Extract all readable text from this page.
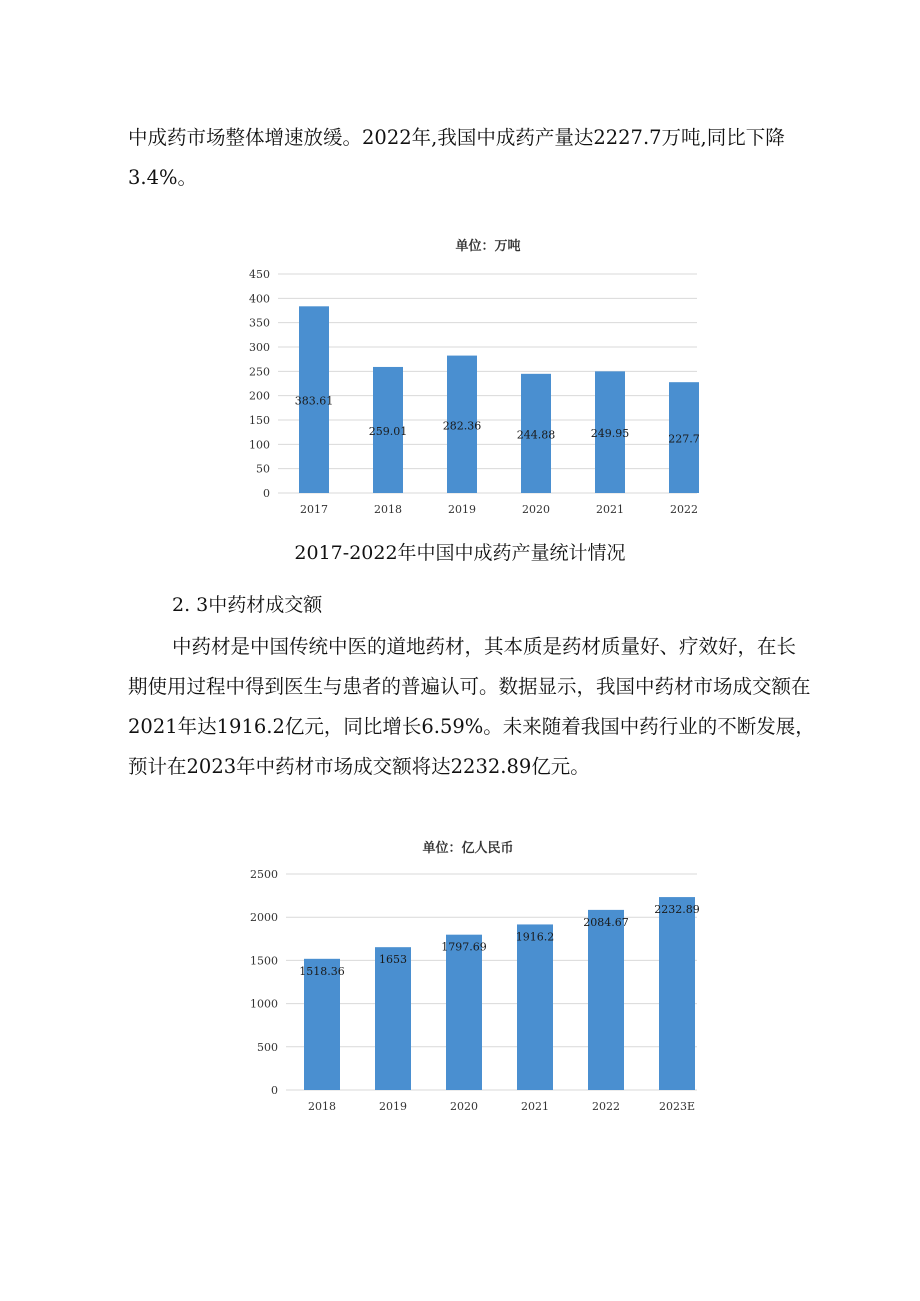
中成药市场整体增速放缓。2022年,我国中成药产量达2227.7万吨,同比下降
3.4%。

单位：万吨
0
50
100
150
200
250
300
350
400
450
383.61
2017
259.01
2018
282.36
2019
244.88
2020
249.95
2021
227.7
2022
2017-2022年中国中成药产量统计情况
2. 3中药材成交额

中药材是中国传统中医的道地药材，其本质是药材质量好、疗效好，在长
期使用过程中得到医生与患者的普遍认可。数据显示，我国中药材市场成交额在
2021年达1916.2亿元，同比增长6.59%。未来随着我国中药行业的不断发展，
预计在2023年中药材市场成交额将达2232.89亿元。

单位：亿人民币
0
500
1000
1500
2000
2500
1518.36
2018
1653
2019
1797.69
2020
1916.2
2021
2084.67
2022
2232.89
2023E
